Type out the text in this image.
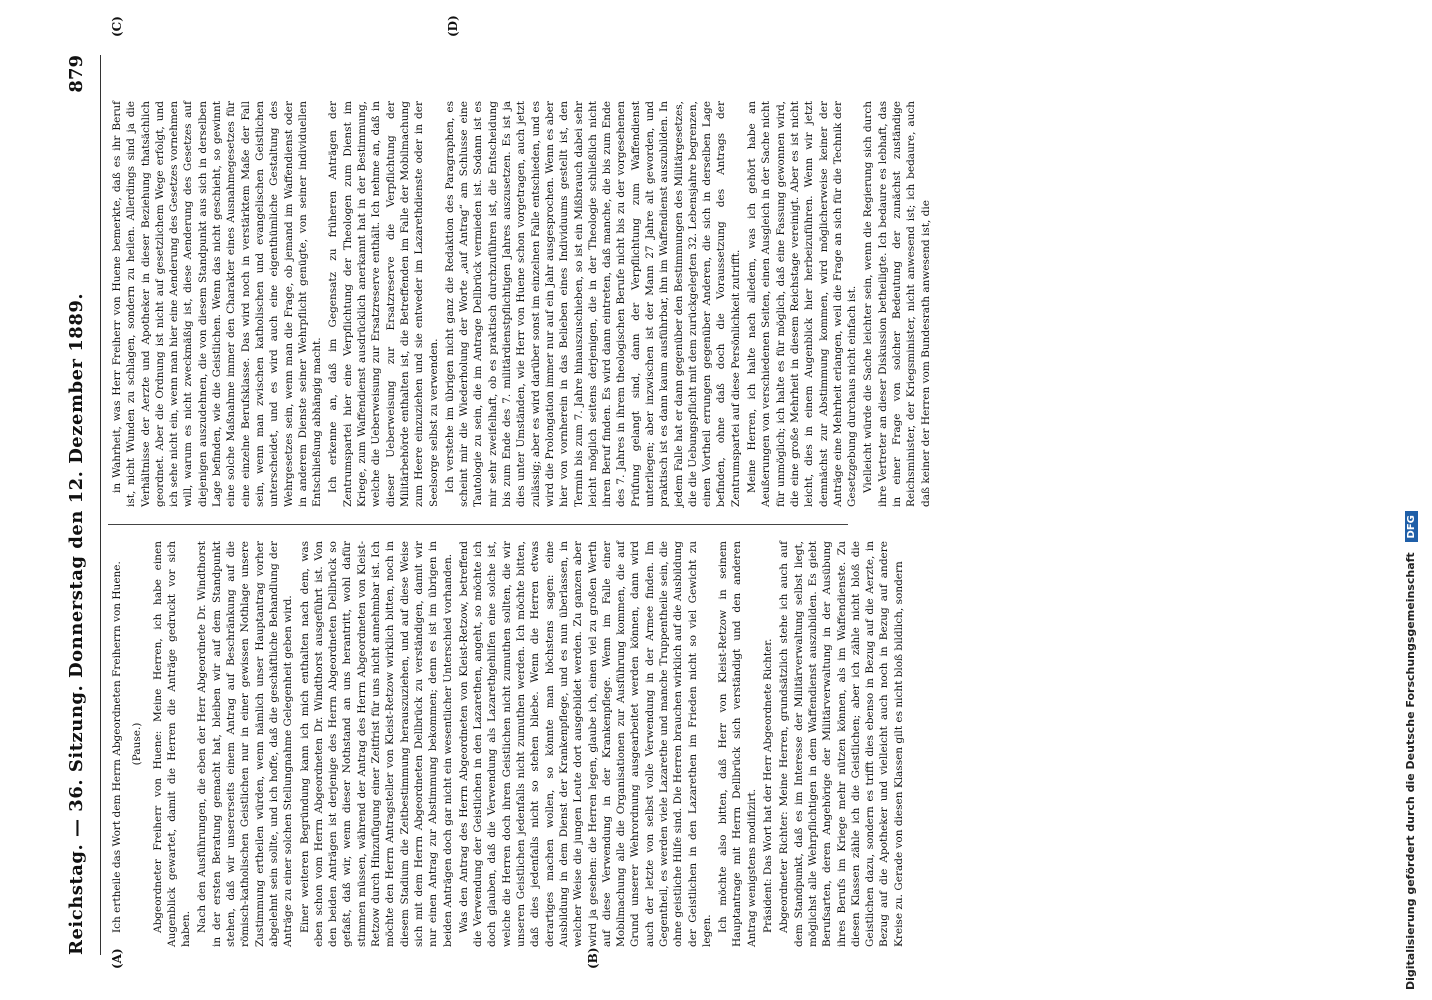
Reichstag. — 36. Sitzung. Donnerstag den 12. Dezember 1889.
879
(A)	(B)
(C)	(D)

Ich ertheile das Wort dem Herrn Abgeordneten Freiherrn von Huene. (Pause.) Abgeordneter Freiherr von Huene: Meine Herren, ich habe einen Augenblick gewartet, damit die Herren die Anträge gedruckt vor sich haben. Nach den Ausführungen, die eben der Herr Abgeordnete Dr. Windthorst in der ersten Beratung gemacht hat, bleiben wir auf dem Standpunkt stehen, daß wir unsererseits einem Antrag auf Beschränkung auf die römisch-katholischen Geistlichen nur in einer gewissen Nothlage unsere Zustimmung ertheilen würden, wenn nämlich unser Hauptantrag vorher abgelehnt sein sollte, und ich hoffe, daß die geschäftliche Behandlung der Anträge zu einer solchen Stellungnahme Gelegenheit geben wird. Einer weiteren Begründung kann ich mich enthalten nach dem, was eben schon vom Herrn Abgeordneten Dr. Windthorst ausgeführt ist. Von den beiden Anträgen ist derjenige des Herrn Abgeordneten Dellbrück so gefaßt, daß wir, wenn dieser Nothstand an uns herantritt, wohl dafür stimmen müssen, während der Antrag des Herrn Abgeordneten von Kleist-Retzow durch Hinzufügung einer Zeitfrist für uns nicht annehmbar ist. Ich möchte den Herrn Antragsteller von Kleist-Retzow wirklich bitten, noch in diesem Stadium die Zeitbestimmung herauszuziehen, und auf diese Weise sich mit dem Herrn Abgeordneten Dellbrück zu verständigen, damit wir nur einen Antrag zur Abstimmung bekommen; denn es ist im übrigen in beiden Anträgen doch gar nicht ein wesentlicher Unterschied vorhanden. Was den Antrag des Herrn Abgeordneten von Kleist-Retzow, betreffend die Verwendung der Geistlichen in den Lazarethen, angeht, so möchte ich doch glauben, daß die Verwendung als Lazarethgehilfen eine solche ist, welche die Herren doch ihren Geistlichen nicht zumuthen sollten, die wir unseren Geistlichen jedenfalls nicht zumuthen werden. Ich möchte bitten, daß dies jedenfalls nicht so stehen bliebe. Wenn die Herren etwas derartiges machen wollen, so könnte man höchstens sagen: eine Ausbildung in dem Dienst der Krankenpflege, und es nun überlassen, in welcher Weise die jungen Leute dort ausgebildet werden. Zu ganzen aber wird ja gesehen: die Herren legen, glaube ich, einen viel zu großen Werth auf diese Verwendung in der Krankenpflege. Wenn im Falle einer Mobilmachung alle die Organisationen zur Ausführung kommen, die auf Grund unserer Wehrordnung ausgearbeitet werden können, dann wird auch der letzte von selbst volle Verwendung in der Armee finden. Im Gegentheil, es werden viele Lazarethe und manche Truppentheile sein, die ohne geistliche Hilfe sind. Die Herren brauchen wirklich auf die Ausbildung der Geistlichen in den Lazarethen im Frieden nicht so viel Gewicht zu legen. Ich möchte also bitten, daß Herr von Kleist-Retzow in seinem Hauptantrage mit Herrn Dellbrück sich verständigt und den anderen Antrag wenigstens modifizirt. Präsident: Das Wort hat der Herr Abgeordnete Richter. Abgeordneter Richter: Meine Herren, grundsätzlich stehe ich auch auf dem Standpunkt, daß es im Interesse der Militärverwaltung selbst liegt, möglichst alle Wehrpflichtigen in dem Waffendienst auszubilden. Es giebt Berufsarten, deren Angehörige der Militärverwaltung in der Ausübung ihres Berufs im Kriege mehr nützen können, als im Waffendienste. Zu diesen Klassen zähle ich die Geistlichen; aber ich zähle nicht bloß die Geistlichen dazu, sondern es trifft dies ebenso in Bezug auf die Aerzte, in Bezug auf die Apotheker und vielleicht auch noch in Bezug auf andere Kreise zu. Gerade von diesen Klassen gilt es nicht bloß bildlich, sondern

in Wahrheit, was Herr Freiherr von Huene bemerkte, daß es ihr Beruf ist, nicht Wunden zu schlagen, sondern zu heilen. Allerdings sind ja die Verhältnisse der Aerzte und Apotheker in dieser Beziehung thatsächlich geordnet. Aber die Ordnung ist nicht auf gesetzlichem Wege erfolgt, und ich sehe nicht ein, wenn man hier eine Aenderung des Gesetzes vornehmen will, warum es nicht zweckmäßig ist, diese Aenderung des Gesetzes auf diejenigen auszudehnen, die von diesem Standpunkt aus sich in derselben Lage befinden, wie die Geistlichen. Wenn das nicht geschieht, so gewinnt eine solche Maßnahme immer den Charakter eines Ausnahmegesetzes für eine einzelne Berufsklasse. Das wird noch in verstärktem Maße der Fall sein, wenn man zwischen katholischen und evangelischen Geistlichen unterscheidet, und es wird auch eine eigenthümliche Gestaltung des Wehrgesetzes sein, wenn man die Frage, ob jemand im Waffendienst oder in anderem Dienste seiner Wehrpflicht genügte, von seiner individuellen Entschließung abhängig macht. Ich erkenne an, daß im Gegensatz zu früheren Anträgen der Zentrumspartei hier eine Verpflichtung der Theologen zum Dienst im Kriege, zum Waffendienst ausdrücklich anerkannt hat in der Bestimmung, welche die Ueberweisung zur Ersatzreserve enthält. Ich nehme an, daß in dieser Ueberweisung zur Ersatzreserve die Verpflichtung der Militärbehörde enthalten ist, die Betreffenden im Falle der Mobilmachung zum Heere einzuziehen und sie entweder im Lazarethdienste oder in der Seelsorge selbst zu verwenden. Ich verstehe im übrigen nicht ganz die Redaktion des Paragraphen, es scheint mir die Wiederholung der Worte „auf Antrag“ am Schlusse eine Tautologie zu sein, die im Antrage Dellbrück vermieden ist. Sodann ist es mir sehr zweifelhaft, ob es praktisch durchzuführen ist, die Entscheidung bis zum Ende des 7. militärdienstpflichtigen Jahres auszusetzen. Es ist ja dies unter Umständen, wie Herr von Huene schon vorgetragen, auch jetzt zulässig; aber es wird darüber sonst im einzelnen Falle entschieden, und es wird die Prolongation immer nur auf ein Jahr ausgesprochen. Wenn es aber hier von vornherein in das Belieben eines Individuums gestellt ist, den Termin bis zum 7. Jahre hinauszuschieben, so ist ein Mißbrauch dabei sehr leicht möglich seitens derjenigen, die in der Theologie schließlich nicht ihren Beruf finden. Es wird dann eintreten, daß manche, die bis zum Ende des 7. Jahres in ihrem theologischen Berufe nicht bis zu der vorgesehenen Prüfung gelangt sind, dann der Verpflichtung zum Waffendienst unterliegen; aber inzwischen ist der Mann 27 Jahre alt geworden, und praktisch ist es dann kaum ausführbar, ihn im Waffendienst auszubilden. In jedem Falle hat er dann gegenüber den Bestimmungen des Militärgesetzes, die die Uebungspflicht mit dem zurückgelegten 32. Lebensjahre begrenzen, einen Vortheil errungen gegenüber Anderen, die sich in derselben Lage befinden, ohne daß doch die Voraussetzung des Antrags der Zentrumspartei auf diese Persönlichkeit zutrifft. Meine Herren, ich halte nach alledem, was ich gehört habe an Aeußerungen von verschiedenen Seiten, einen Ausgleich in der Sache nicht für unmöglich; ich halte es für möglich, daß eine Fassung gewonnen wird, die eine große Mehrheit in diesem Reichstage vereinigt. Aber es ist nicht leicht, dies in einem Augenblick hier herbeizuführen. Wenn wir jetzt demnächst zur Abstimmung kommen, wird möglicherweise keiner der Anträge eine Mehrheit erlangen, weil die Frage an sich für die Technik der Gesetzgebung durchaus nicht einfach ist. Vielleicht würde die Sache leichter sein, wenn die Regierung sich durch ihre Vertreter an dieser Diskussion betheiligte. Ich bedaure es lebhaft, das in einer Frage von solcher Bedeutung der zunächst zuständige Reichsminister, der Kriegsminister, nicht anwesend ist; ich bedaure, auch daß keiner der Herren vom Bundesrath anwesend ist, die

Digitalisierung gefördert durch die Deutsche Forschungsgemeinschaft DFG
